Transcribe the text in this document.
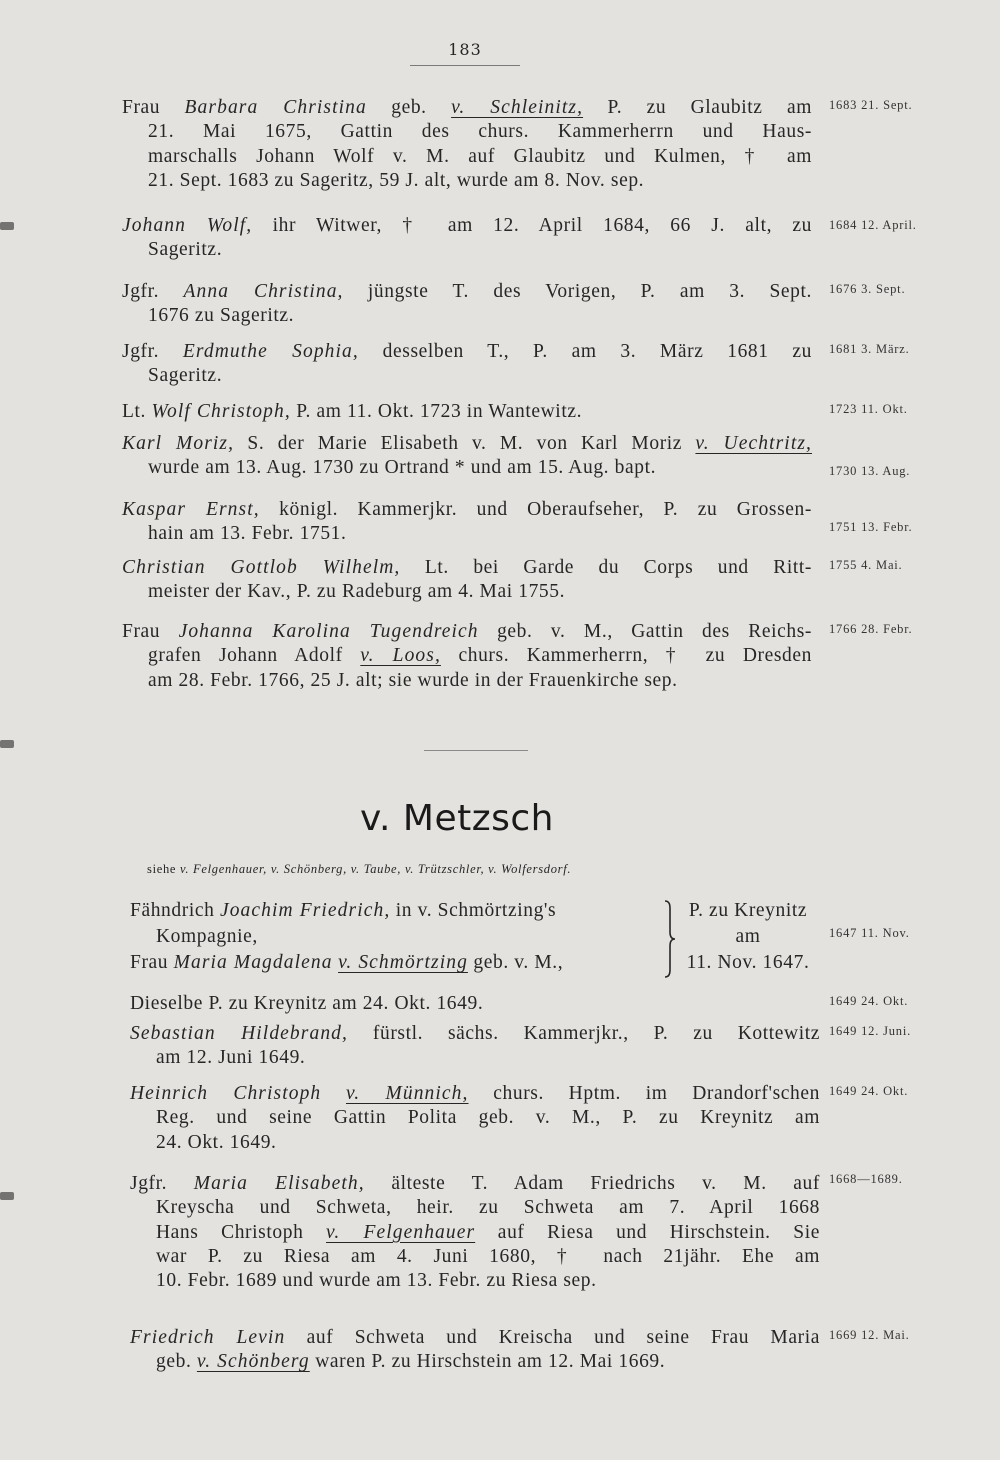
183
Frau Barbara Christina geb. v. Schleinitz, P. zu Glaubitz am
21. Mai 1675, Gattin des churs. Kammerherrn und Haus-
marschalls Johann Wolf v. M. auf Glaubitz und Kulmen, † am
21. Sept. 1683 zu Sageritz, 59 J. alt, wurde am 8. Nov. sep.
1683 21. Sept.
Johann Wolf, ihr Witwer, † am 12. April 1684, 66 J. alt, zu
Sageritz.
1684 12. April.
Jgfr. Anna Christina, jüngste T. des Vorigen, P. am 3. Sept.
1676 zu Sageritz.
1676 3. Sept.
Jgfr. Erdmuthe Sophia, desselben T., P. am 3. März 1681 zu
Sageritz.
1681 3. März.
Lt. Wolf Christoph, P. am 11. Okt. 1723 in Wantewitz.	1723 11. Okt.
Karl Moriz, S. der Marie Elisabeth v. M. von Karl Moriz v. Uechtritz,
wurde am 13. Aug. 1730 zu Ortrand * und am 15. Aug. bapt.	1730 13. Aug.
Kaspar Ernst, königl. Kammerjkr. und Oberaufseher, P. zu Grossen-
hain am 13. Febr. 1751.	1751 13. Febr.
Christian Gottlob Wilhelm, Lt. bei Garde du Corps und Ritt-
meister der Kav., P. zu Radeburg am 4. Mai 1755.
1755 4. Mai.
Frau Johanna Karolina Tugendreich geb. v. M., Gattin des Reichs-
grafen Johann Adolf v. Loos, churs. Kammerherrn, † zu Dresden
am 28. Febr. 1766, 25 J. alt; sie wurde in der Frauenkirche sep.
1766 28. Febr.
v. Metzsch
siehe v. Felgenhauer, v. Schönberg, v. Taube, v. Trützschler, v. Wolfersdorf.
Fähndrich Joachim Friedrich, in v. Schmörtzing's
Kompagnie,
Frau Maria Magdalena v. Schmörtzing geb. v. M.,
P. zu Kreynitz
am
11. Nov. 1647.
1647 11. Nov.
Dieselbe P. zu Kreynitz am 24. Okt. 1649.	1649 24. Okt.
Sebastian Hildebrand, fürstl. sächs. Kammerjkr., P. zu Kottewitz
am 12. Juni 1649.
1649 12. Juni.
Heinrich Christoph v. Münnich, churs. Hptm. im Drandorf'schen
Reg. und seine Gattin Polita geb. v. M., P. zu Kreynitz am
24. Okt. 1649.
1649 24. Okt.
Jgfr. Maria Elisabeth, älteste T. Adam Friedrichs v. M. auf
Kreyscha und Schweta, heir. zu Schweta am 7. April 1668
Hans Christoph v. Felgenhauer auf Riesa und Hirschstein. Sie
war P. zu Riesa am 4. Juni 1680, † nach 21jähr. Ehe am
10. Febr. 1689 und wurde am 13. Febr. zu Riesa sep.
1668—1689.
Friedrich Levin auf Schweta und Kreischa und seine Frau Maria
geb. v. Schönberg waren P. zu Hirschstein am 12. Mai 1669.
1669 12. Mai.
